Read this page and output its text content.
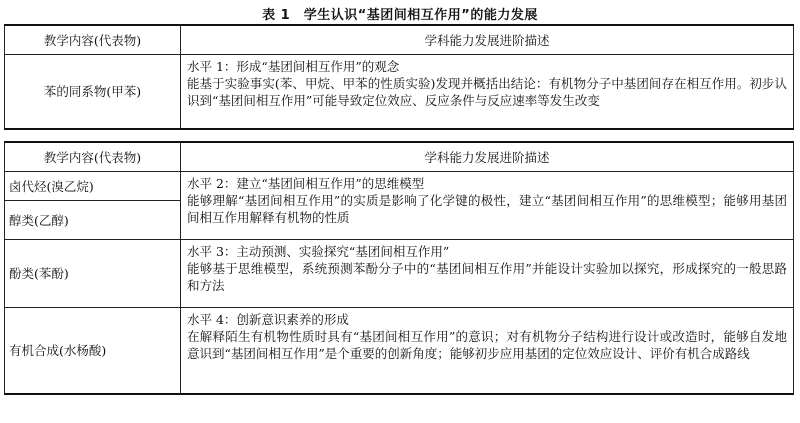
表 1　学生认识“基团间相互作用”的能力发展
教学内容(代表物)	学科能力发展进阶描述
苯的同系物(甲苯)	水平 1：形成“基团间相互作用”的观念
能基于实验事实(苯、甲烷、甲苯的性质实验)发现并概括出结论：有机物分子中基团间存在相互作用。初步认识到“基团间相互作用”可能导致定位效应、反应条件与反应速率等发生改变
教学内容(代表物)	学科能力发展进阶描述
卤代烃(溴乙烷)	水平 2：建立“基团间相互作用”的思维模型
能够理解“基团间相互作用”的实质是影响了化学键的极性，建立“基团间相互作用”的思维模型；能够用基团间相互作用解释有机物的性质

醇类(乙醇)	
酚类(苯酚)	水平 3：主动预测、实验探究“基团间相互作用”
能够基于思维模型，系统预测苯酚分子中的“基团间相互作用”并能设计实验加以探究，形成探究的一般思路和方法

有机合成(水杨酸)	水平 4：创新意识素养的形成
在解释陌生有机物性质时具有“基团间相互作用”的意识；对有机物分子结构进行设计或改造时，能够自发地意识到“基团间相互作用”是个重要的创新角度；能够初步应用基团的定位效应设计、评价有机合成路线
